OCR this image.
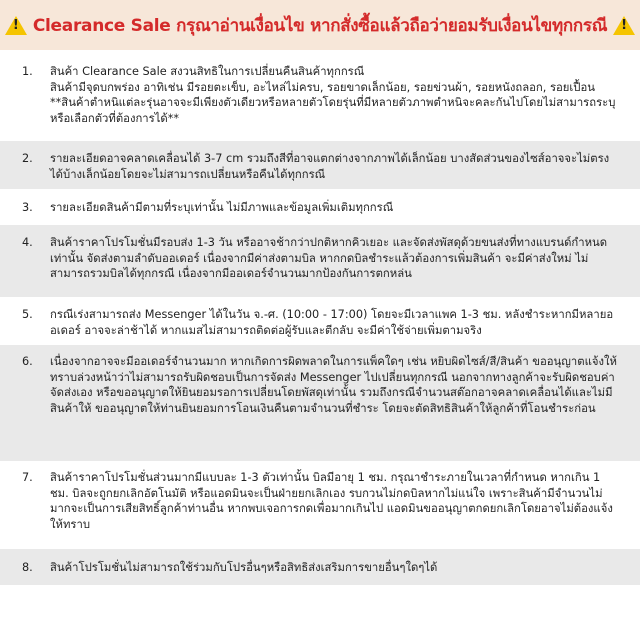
!
Clearance Sale กรุณาอ่านเงื่อนไข หากสั่งซื้อแล้วถือว่ายอมรับเงื่อนไขทุกกรณี
!
1.	สินค้า Clearance Sale สงวนสิทธิในการเปลี่ยนคืนสินค้าทุกกรณี

สินค้ามีจุดบกพร่อง อาทิเช่น มีรอยตะเข็บ, อะไหล่ไม่ครบ, รอยขาดเล็กน้อย, รอยข่วนผ้า, รอยหนังถลอก, รอยเปื้อน

**สินค้าตำหนิแต่ละรุ่นอาจจะมีเพียงตัวเดียวหรือหลายตัวโดยรุ่นที่มีหลายตัวภาพตำหนิจะคละกันไปโดยไม่สามารถระบุหรือเลือกตัวที่ต้องการได้**

2.	รายละเอียดอาจคลาดเคลื่อนได้ 3-7 cm รวมถึงสีที่อาจแตกต่างจากภาพได้เล็กน้อย บางสัดส่วนของไซส์อาจจะไม่ตรงได้บ้างเล็กน้อยโดยจะไม่สามารถเปลี่ยนหรือคืนได้ทุกกรณี

3.	รายละเอียดสินค้ามีตามที่ระบุเท่านั้น ไม่มีภาพและข้อมูลเพิ่มเติมทุกกรณี

4.	สินค้าราคาโปรโมชั่นมีรอบส่ง 1-3 วัน หรืออาจช้ากว่าปกติหากคิวเยอะ และจัดส่งพัสดุด้วยขนส่งที่ทางแบรนด์กำหนดเท่านั้น จัดส่งตามลำดับออเดอร์ เนื่องจากมีค่าส่งตามบิล หากกดบิลชำระแล้วต้องการเพิ่มสินค้า จะมีค่าส่งใหม่ ไม่สามารถรวมบิลได้ทุกกรณี เนื่องจากมีออเดอร์จำนวนมากป้องกันการตกหล่น

5.	กรณีเร่งสามารถส่ง Messenger ได้ในวัน จ.-ศ. (10:00 - 17:00) โดยจะมีเวลาแพค 1-3 ชม. หลังชำระหากมีหลายออเดอร์ อาจจะล่าช้าได้ หากแมสไม่สามารถติดต่อผู้รับและตีกลับ จะมีค่าใช้จ่ายเพิ่มตามจริง

6.	เนื่องจากอาจจะมีออเดอร์จำนวนมาก หากเกิดการผิดพลาดในการแพ็คใดๆ เช่น หยิบผิดไซส์/สี/สินค้า ขออนุญาตแจ้งให้ทราบล่วงหน้าว่าไม่สามารถรับผิดชอบเป็นการจัดส่ง Messenger ไปเปลี่ยนทุกกรณี นอกจากทางลูกค้าจะรับผิดชอบค่าจัดส่งเอง หรือขออนุญาตให้ยินยอมรอการเปลี่ยนโดยพัสดุเท่านั้น รวมถึงกรณีจำนวนสต๊อกอาจคลาดเคลื่อนได้และไม่มีสินค้าให้ ขออนุญาตให้ท่านยินยอมการโอนเงินคืนตามจำนวนที่ชำระ โดยจะตัดสิทธิสินค้าให้ลูกค้าที่โอนชำระก่อน

7.	สินค้าราคาโปรโมชั่นส่วนมากมีแบบละ 1-3 ตัวเท่านั้น บิลมีอายุ 1 ชม. กรุณาชำระภายในเวลาที่กำหนด หากเกิน 1 ชม. บิลจะถูกยกเลิกอัตโนมัติ หรือแอดมินจะเป็นฝ่ายยกเลิกเอง รบกวนไม่กดบิลหากไม่แน่ใจ เพราะสินค้ามีจำนวนไม่มากจะเป็นการเสียสิทธิ์ลูกค้าท่านอื่น หากพบเจอการกดเพื่อมากเกินไป แอดมินขออนุญาตกดยกเลิกโดยอาจไม่ต้องแจ้งให้ทราบ

8.	สินค้าโปรโมชั่นไม่สามารถใช้ร่วมกับโปรอื่นๆหรือสิทธิส่งเสริมการขายอื่นๆใดๆได้
